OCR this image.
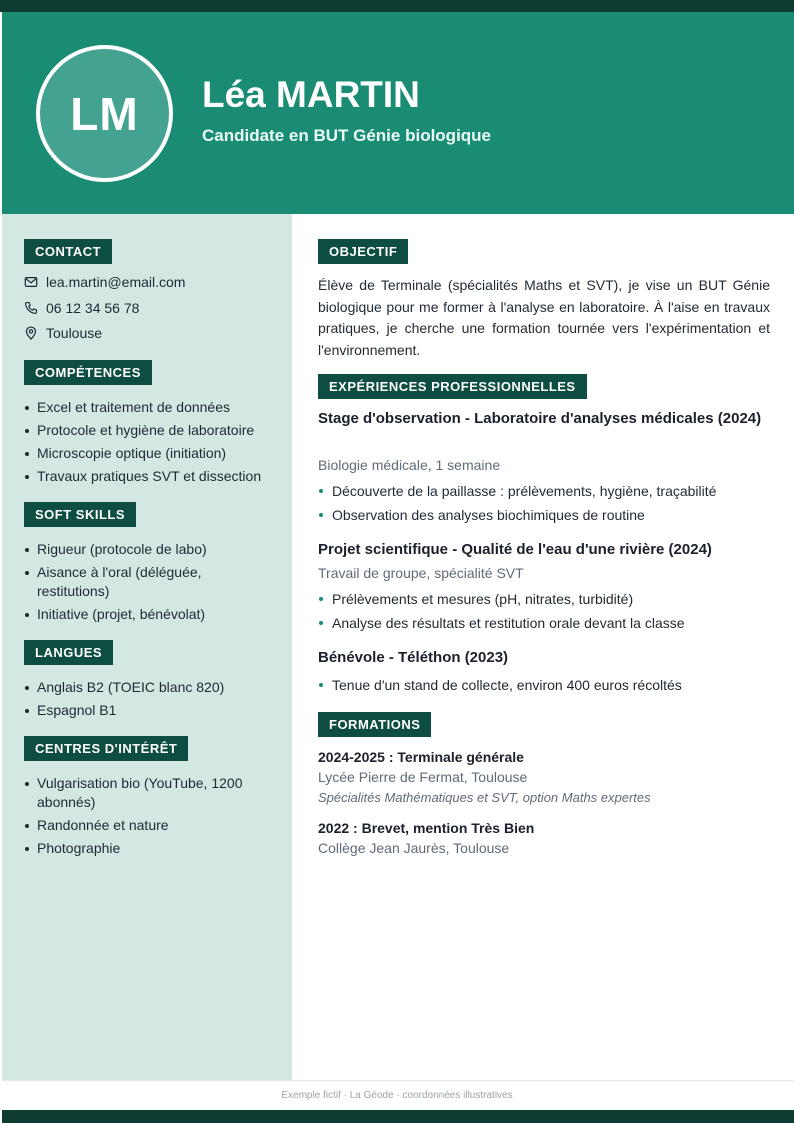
LM Léa MARTIN
Candidate en BUT Génie biologique
CONTACT
lea.martin@email.com
06 12 34 56 78
Toulouse
COMPÉTENCES
Excel et traitement de données
Protocole et hygiène de laboratoire
Microscopie optique (initiation)
Travaux pratiques SVT et dissection
SOFT SKILLS
Rigueur (protocole de labo)
Aisance à l'oral (déléguée, restitutions)
Initiative (projet, bénévolat)
LANGUES
Anglais B2 (TOEIC blanc 820)
Espagnol B1
CENTRES D'INTÉRÊT
Vulgarisation bio (YouTube, 1200 abonnés)
Randonnée et nature
Photographie
OBJECTIF
Élève de Terminale (spécialités Maths et SVT), je vise un BUT Génie biologique pour me former à l'analyse en laboratoire. À l'aise en travaux pratiques, je cherche une formation tournée vers l'expérimentation et l'environnement.
EXPÉRIENCES PROFESSIONNELLES
Stage d'observation - Laboratoire d'analyses médicales (2024)
Biologie médicale, 1 semaine
Découverte de la paillasse : prélèvements, hygiène, traçabilité
Observation des analyses biochimiques de routine
Projet scientifique - Qualité de l'eau d'une rivière (2024)
Travail de groupe, spécialité SVT
Prélèvements et mesures (pH, nitrates, turbidité)
Analyse des résultats et restitution orale devant la classe
Bénévole - Téléthon (2023)
Tenue d'un stand de collecte, environ 400 euros récoltés
FORMATIONS
2024-2025 : Terminale générale
Lycée Pierre de Fermat, Toulouse
Spécialités Mathématiques et SVT, option Maths expertes
2022 : Brevet, mention Très Bien
Collège Jean Jaurès, Toulouse
Exemple fictif · La Géode · coordonnées illustratives
